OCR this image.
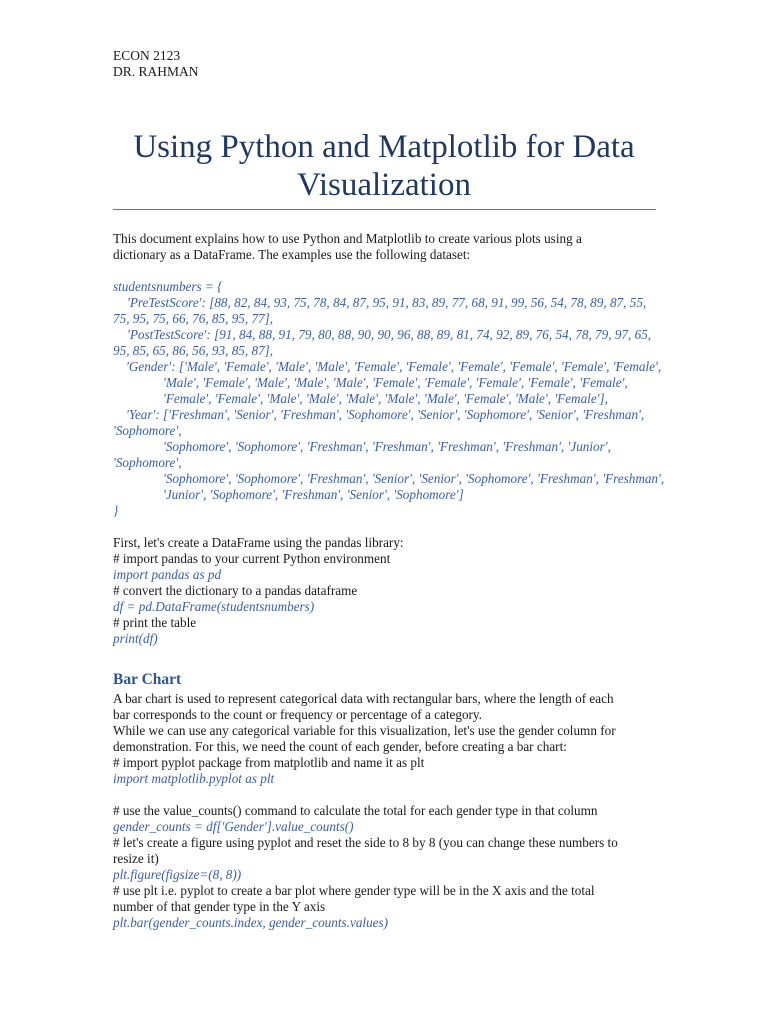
ECON 2123
DR. RAHMAN
Using Python and Matplotlib for Data
Visualization
This document explains how to use Python and Matplotlib to create various plots using a
dictionary as a DataFrame. The examples use the following dataset:
studentsnumbers = {
'PreTestScore': [88, 82, 84, 93, 75, 78, 84, 87, 95, 91, 83, 89, 77, 68, 91, 99, 56, 54, 78, 89, 87, 55,
75, 95, 75, 66, 76, 85, 95, 77],
'PostTestScore': [91, 84, 88, 91, 79, 80, 88, 90, 90, 96, 88, 89, 81, 74, 92, 89, 76, 54, 78, 79, 97, 65,
95, 85, 65, 86, 56, 93, 85, 87],
'Gender': ['Male', 'Female', 'Male', 'Male', 'Female', 'Female', 'Female', 'Female', 'Female', 'Female',
'Male', 'Female', 'Male', 'Male', 'Male', 'Female', 'Female', 'Female', 'Female', 'Female',
'Female', 'Female', 'Male', 'Male', 'Male', 'Male', 'Male', 'Female', 'Male', 'Female'],
'Year': ['Freshman', 'Senior', 'Freshman', 'Sophomore', 'Senior', 'Sophomore', 'Senior', 'Freshman',
'Sophomore',
'Sophomore', 'Sophomore', 'Freshman', 'Freshman', 'Freshman', 'Freshman', 'Junior',
'Sophomore',
'Sophomore', 'Sophomore', 'Freshman', 'Senior', 'Senior', 'Sophomore', 'Freshman', 'Freshman',
'Junior', 'Sophomore', 'Freshman', 'Senior', 'Sophomore']
}
First, let's create a DataFrame using the pandas library:
# import pandas to your current Python environment
import pandas as pd
# convert the dictionary to a pandas dataframe
df = pd.DataFrame(studentsnumbers)
# print the table
print(df)
Bar Chart
A bar chart is used to represent categorical data with rectangular bars, where the length of each
bar corresponds to the count or frequency or percentage of a category.
While we can use any categorical variable for this visualization, let's use the gender column for
demonstration. For this, we need the count of each gender, before creating a bar chart:
# import pyplot package from matplotlib and name it as plt
import matplotlib.pyplot as plt
# use the value_counts() command to calculate the total for each gender type in that column
gender_counts = df['Gender'].value_counts()
# let's create a figure using pyplot and reset the side to 8 by 8 (you can change these numbers to
resize it)
plt.figure(figsize=(8, 8))
# use plt i.e. pyplot to create a bar plot where gender type will be in the X axis and the total
number of that gender type in the Y axis
plt.bar(gender_counts.index, gender_counts.values)
